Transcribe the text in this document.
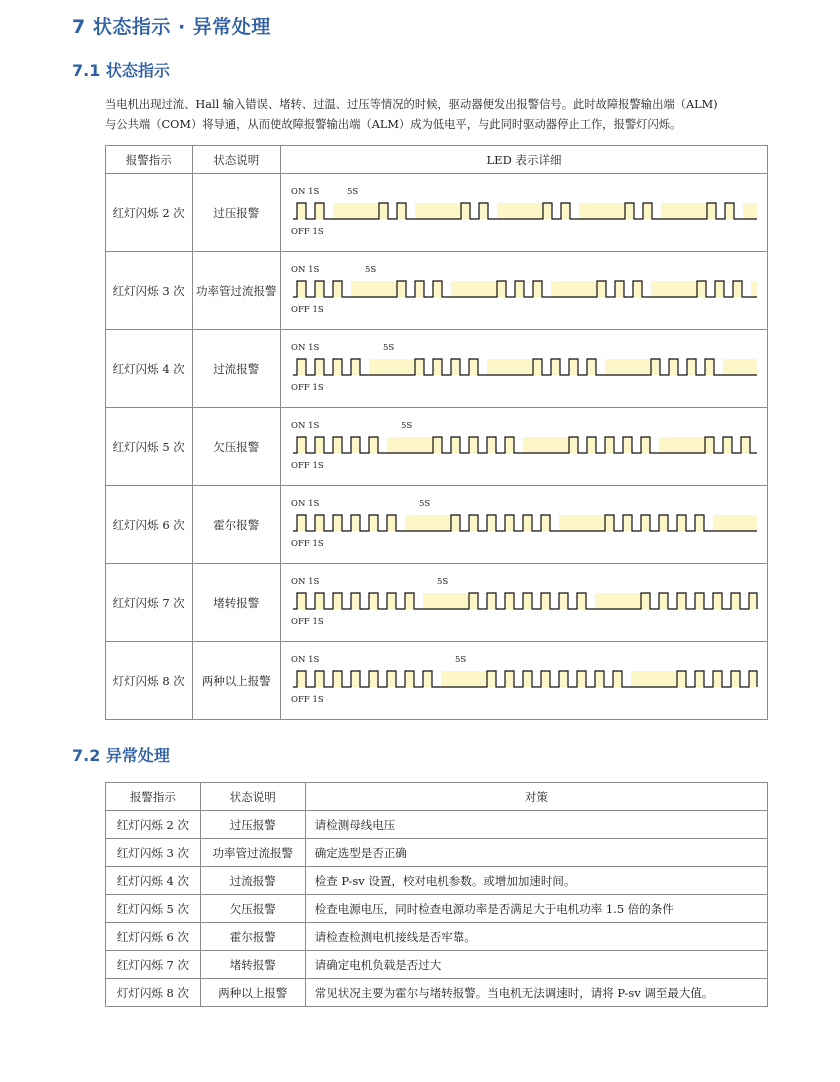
7 状态指示 · 异常处理
7.1 状态指示
当电机出现过流、Hall 输入错误、堵转、过温、过压等情况的时候，驱动器便发出报警信号。此时故障报警输出端（ALM)
与公共端（COM）将导通，从而使故障报警输出端（ALM）成为低电平，与此同时驱动器停止工作，报警灯闪烁。
报警指示	状态说明	LED 表示详细
红灯闪烁 2 次	过压报警	ON 1S 5S
OFF 1S

红灯闪烁 3 次	功率管过流报警	ON 1S 5S
OFF 1S

红灯闪烁 4 次	过流报警	ON 1S 5S
OFF 1S

红灯闪烁 5 次	欠压报警	ON 1S 5S
OFF 1S

红灯闪烁 6 次	霍尔报警	ON 1S 5S
OFF 1S

红灯闪烁 7 次	堵转报警	ON 1S 5S
OFF 1S

灯灯闪烁 8 次	两种以上报警	ON 1S 5S
OFF 1S
7.2 异常处理
报警指示	状态说明	对策
红灯闪烁 2 次	过压报警	请检测母线电压
红灯闪烁 3 次	功率管过流报警	确定选型是否正确
红灯闪烁 4 次	过流报警	检查 P-sv 设置，校对电机参数。或增加加速时间。
红灯闪烁 5 次	欠压报警	检查电源电压，同时检查电源功率是否满足大于电机功率 1.5 倍的条件
红灯闪烁 6 次	霍尔报警	请检查检测电机接线是否牢靠。
红灯闪烁 7 次	堵转报警	请确定电机负载是否过大
灯灯闪烁 8 次	两种以上报警	常见状况主要为霍尔与堵转报警。当电机无法调速时，请将 P-sv 调至最大值。
